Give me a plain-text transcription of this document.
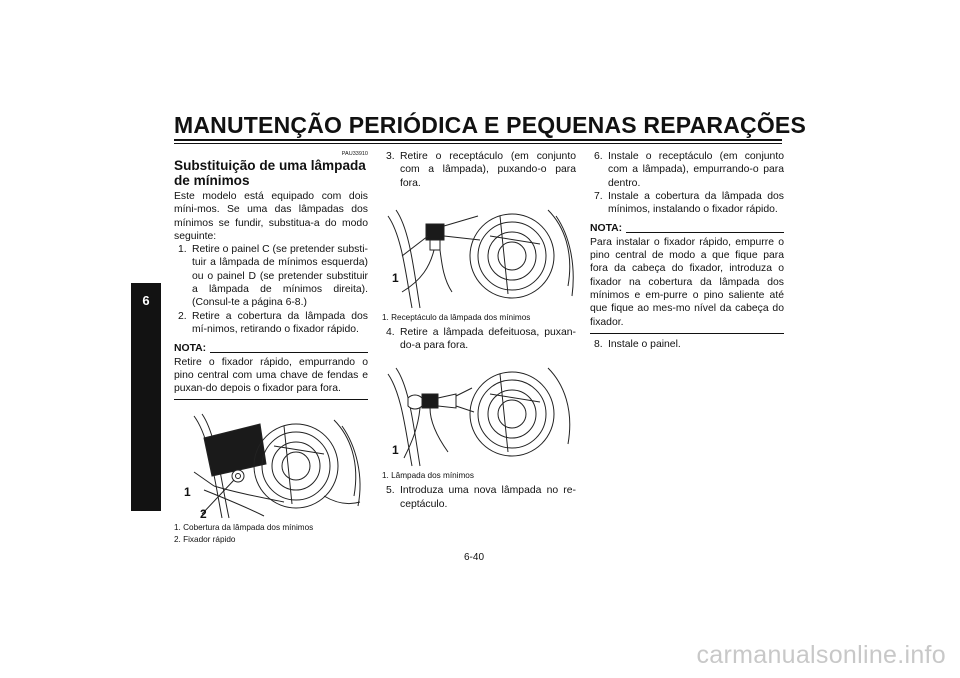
MANUTENÇÃO PERIÓDICA E PEQUENAS REPARAÇÕES
6
PAU33910
Substituição de uma lâmpada de mínimos

Este modelo está equipado com dois míni-mos. Se uma das lâmpadas dos mínimos se fundir, substitua-a do modo seguinte:

1. Retire o painel C (se pretender substi-tuir a lâmpada de mínimos esquerda) ou o painel D (se pretender substituir a lâmpada de mínimos direita). (Consul-te a página 6-8.)
2. Retire a cobertura da lâmpada dos mí-nimos, retirando o fixador rápido.
NOTA:

Retire o fixador rápido, empurrando o pino central com uma chave de fendas e puxan-do depois o fixador para fora.

1
2
1. Cobertura da lâmpada dos mínimos
2. Fixador rápido
3. Retire o receptáculo (em conjunto com a lâmpada), puxando-o para fora.
1
1. Receptáculo da lâmpada dos mínimos
4. Retire a lâmpada defeituosa, puxan-do-a para fora.
1
1. Lâmpada dos mínimos
5. Introduza uma nova lâmpada no re-ceptáculo.
6. Instale o receptáculo (em conjunto com a lâmpada), empurrando-o para dentro.
7. Instale a cobertura da lâmpada dos mínimos, instalando o fixador rápido.
NOTA:

Para instalar o fixador rápido, empurre o pino central de modo a que fique para fora da cabeça do fixador, introduza o fixador na cobertura da lâmpada dos mínimos e em-purre o pino saliente até que fique ao mes-mo nível da cabeça do fixador.

8. Instale o painel.
6-40
carmanualsonline.info
